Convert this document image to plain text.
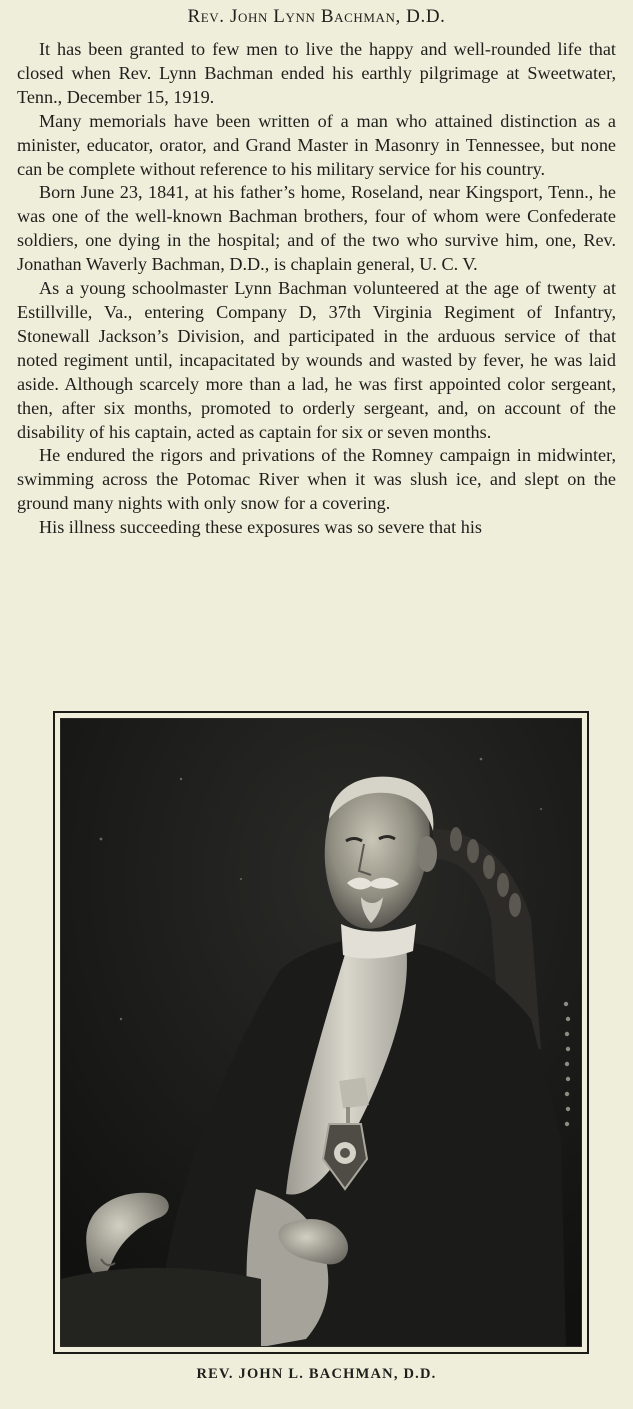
Rev. John Lynn Bachman, D.D.

It has been granted to few men to live the happy and well-rounded life that closed when Rev. Lynn Bachman ended his earthly pilgrimage at Sweetwater, Tenn., December 15, 1919.

Many memorials have been written of a man who attained distinction as a minister, educator, orator, and Grand Master in Masonry in Tennessee, but none can be complete without reference to his military service for his country.

Born June 23, 1841, at his father’s home, Roseland, near Kingsport, Tenn., he was one of the well-known Bachman brothers, four of whom were Confederate soldiers, one dying in the hospital; and of the two who survive him, one, Rev. Jonathan Waverly Bachman, D.D., is chaplain general, U. C. V.

As a young schoolmaster Lynn Bachman volunteered at the age of twenty at Estillville, Va., entering Company D, 37th Virginia Regiment of Infantry, Stonewall Jackson’s Division, and participated in the arduous service of that noted regiment until, incapacitated by wounds and wasted by fever, he was laid aside. Although scarcely more than a lad, he was first appointed color sergeant, then, after six months, promoted to orderly sergeant, and, on account of the disability of his captain, acted as captain for six or seven months.

He endured the rigors and privations of the Romney campaign in midwinter, swimming across the Potomac River when it was slush ice, and slept on the ground many nights with only snow for a covering.

His illness succeeding these exposures was so severe that his

REV. JOHN L. BACHMAN, D.D.
